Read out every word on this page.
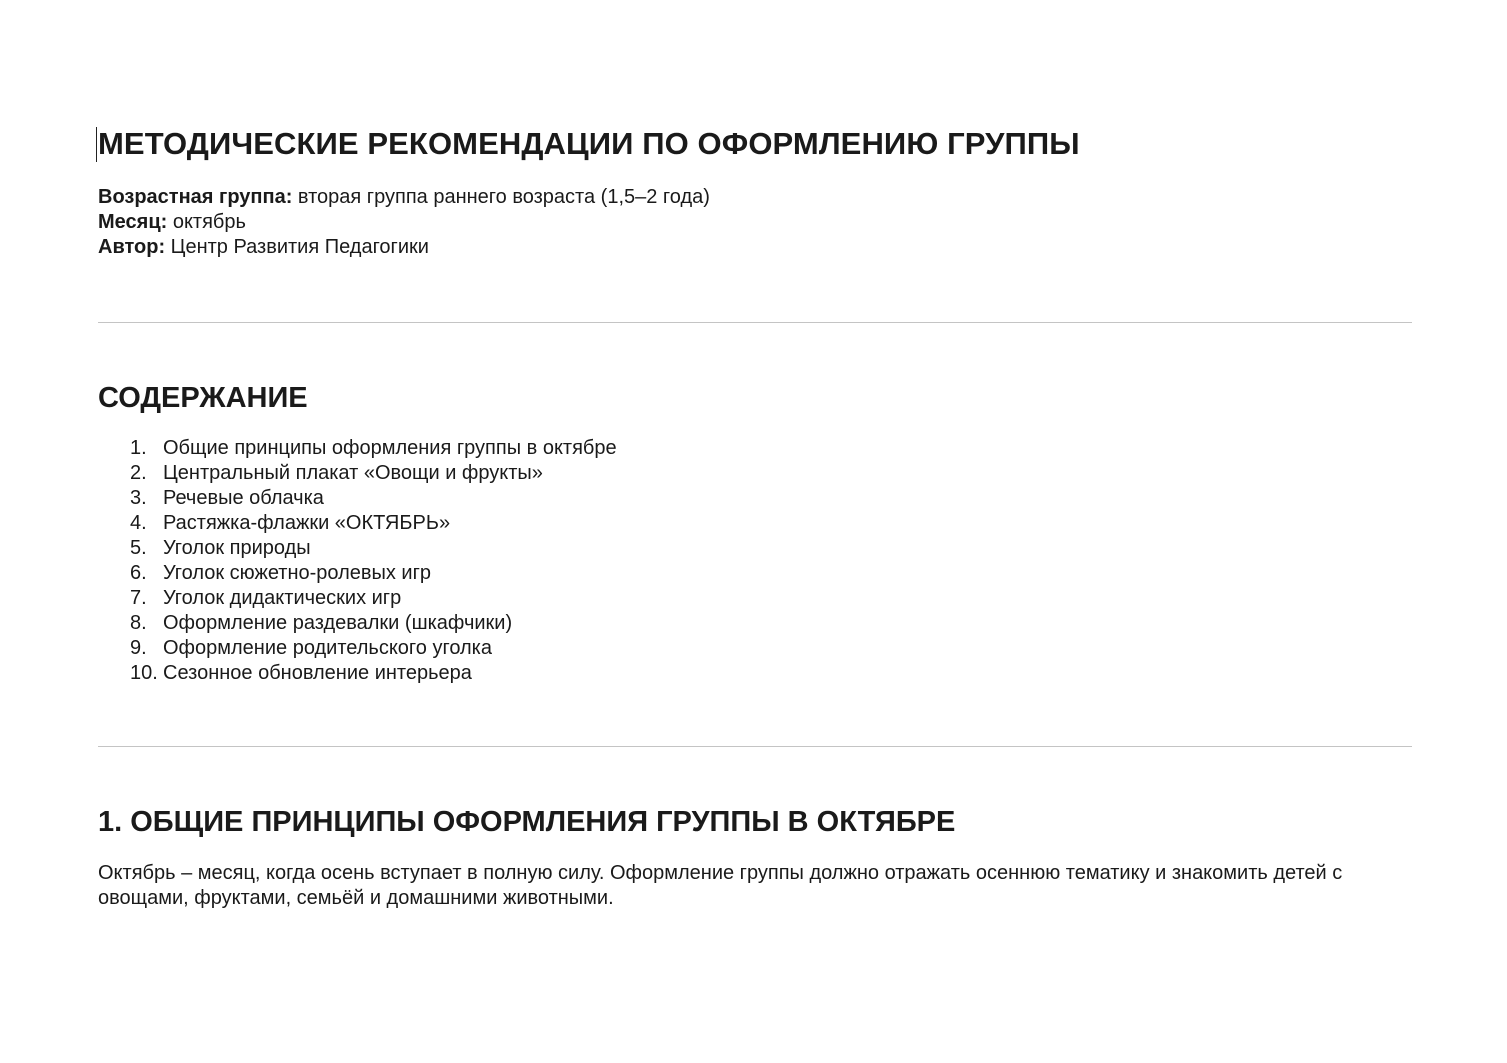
МЕТОДИЧЕСКИЕ РЕКОМЕНДАЦИИ ПО ОФОРМЛЕНИЮ ГРУППЫ
Возрастная группа: вторая группа раннего возраста (1,5–2 года)
Месяц: октябрь
Автор: Центр Развития Педагогики
СОДЕРЖАНИЕ
1. Общие принципы оформления группы в октябре
2. Центральный плакат «Овощи и фрукты»
3. Речевые облачка
4. Растяжка-флажки «ОКТЯБРЬ»
5. Уголок природы
6. Уголок сюжетно-ролевых игр
7. Уголок дидактических игр
8. Оформление раздевалки (шкафчики)
9. Оформление родительского уголка
10. Сезонное обновление интерьера
1. ОБЩИЕ ПРИНЦИПЫ ОФОРМЛЕНИЯ ГРУППЫ В ОКТЯБРЕ

Октябрь – месяц, когда осень вступает в полную силу. Оформление группы должно отражать осеннюю тематику и знакомить детей с овощами, фруктами, семьёй и домашними животными.
